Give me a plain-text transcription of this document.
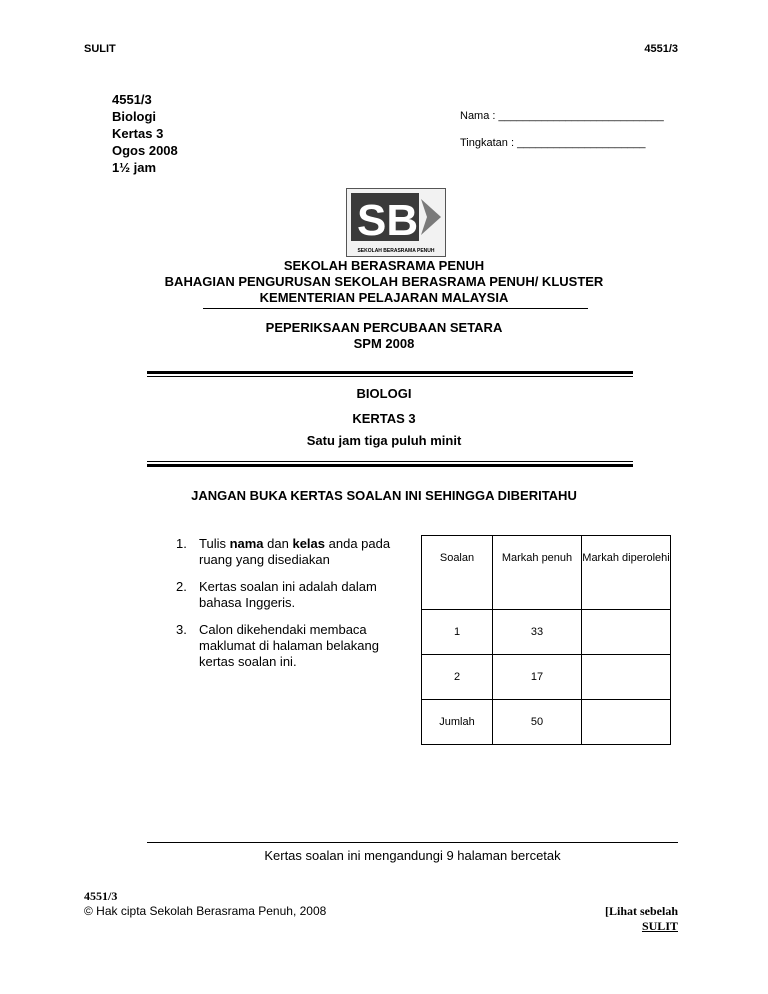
SULIT	4551/3
4551/3
Biologi
Kertas 3
Ogos 2008
1½ jam
Nama : ___________________________
Tingkatan : _____________________
SB
SEKOLAH BERASRAMA PENUH
SEKOLAH BERASRAMA PENUH
BAHAGIAN PENGURUSAN SEKOLAH BERASRAMA PENUH/ KLUSTER
KEMENTERIAN PELAJARAN MALAYSIA
PEPERIKSAAN PERCUBAAN SETARA
SPM 2008
BIOLOGI
KERTAS 3
Satu jam tiga puluh minit
JANGAN BUKA KERTAS SOALAN INI SEHINGGA DIBERITAHU
1. Tulis nama dan kelas anda pada ruang yang disediakan
2. Kertas soalan ini adalah dalam bahasa Inggeris.
3. Calon dikehendaki membaca maklumat di halaman belakang kertas soalan ini.
Soalan	Markah penuh	Markah diperolehi
1	33	
2	17	
Jumlah	50	
Kertas soalan ini mengandungi 9 halaman bercetak
4551/3
© Hak cipta Sekolah Berasrama Penuh, 2008	[Lihat sebelah
SULIT
